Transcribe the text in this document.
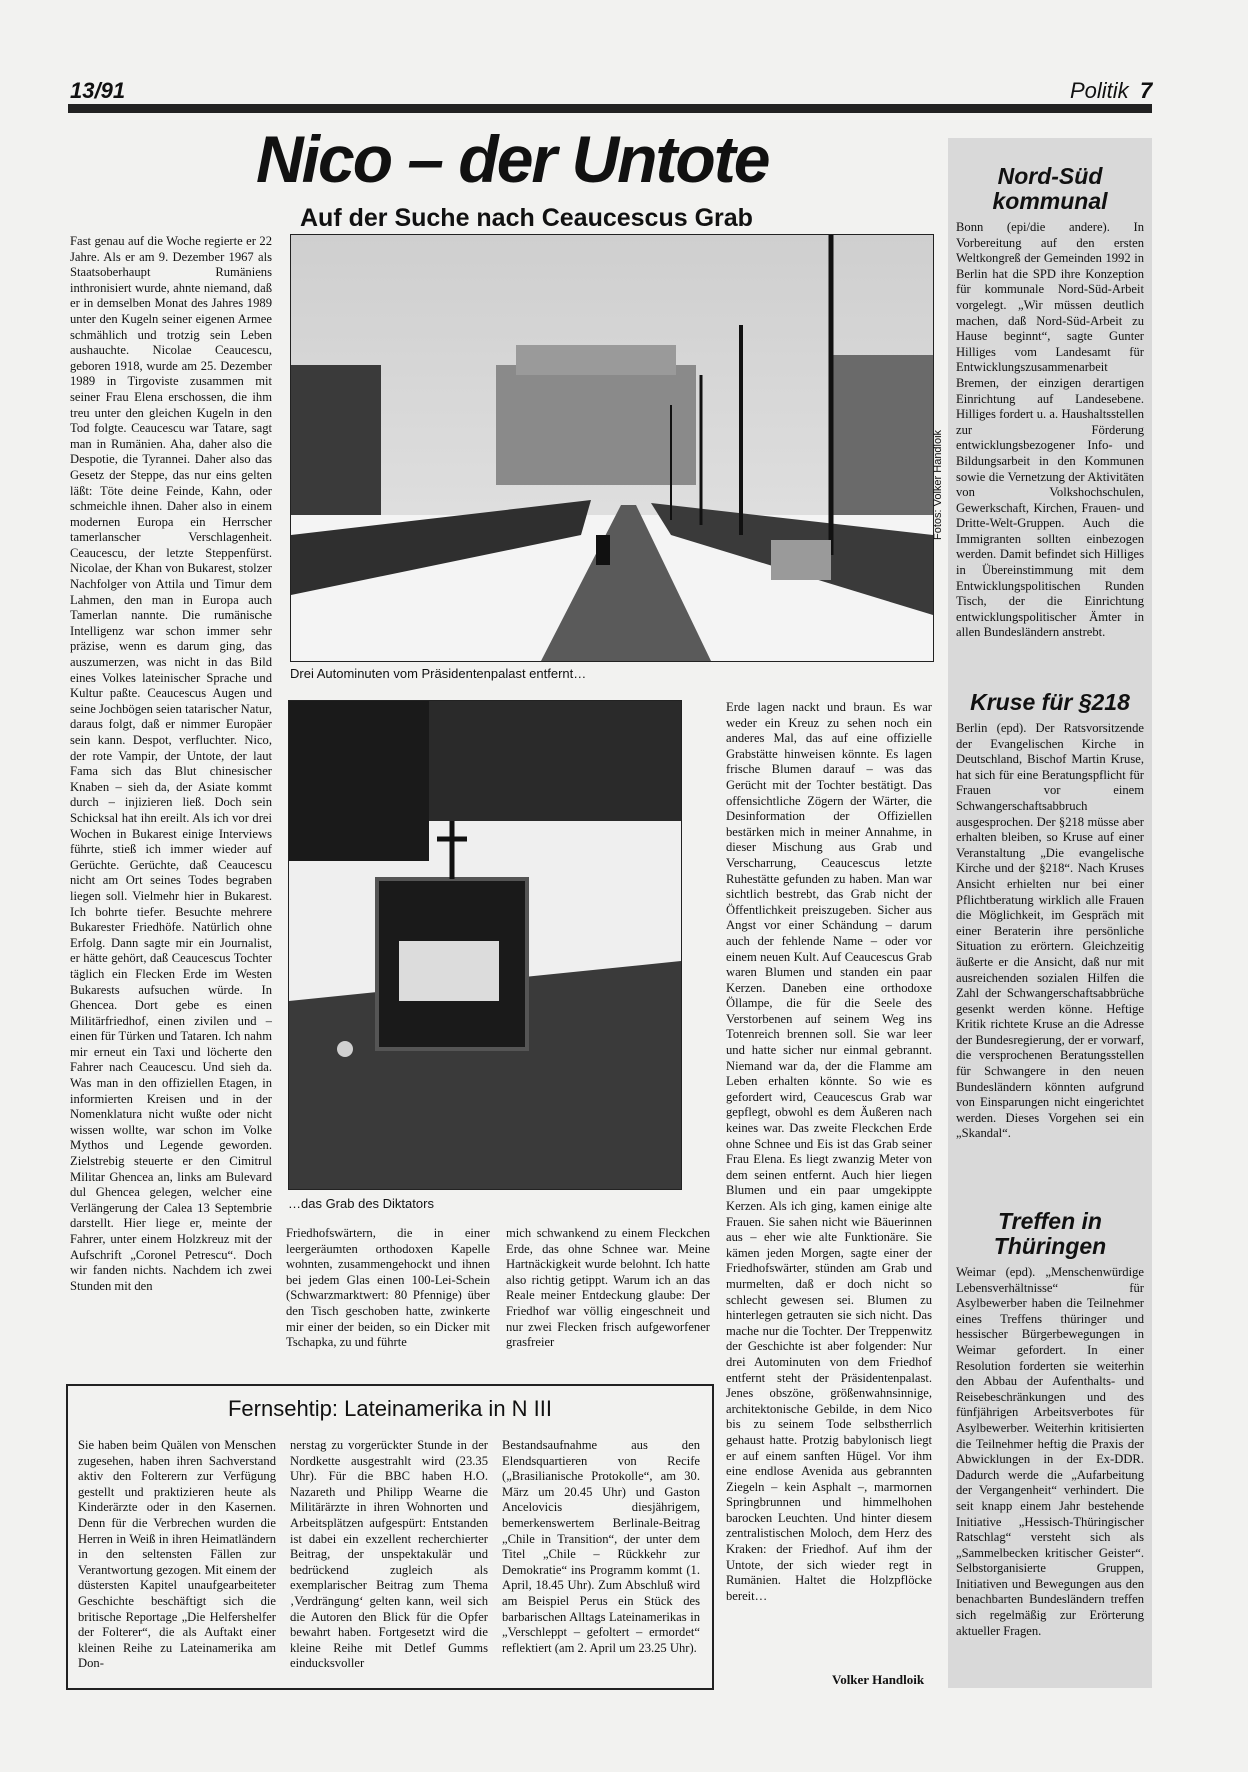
13/91	Politik 7
Nico – der Untote
Auf der Suche nach Ceaucescus Grab

Fast genau auf die Woche regierte er 22 Jahre. Als er am 9. Dezember 1967 als Staatsoberhaupt Rumäniens inthronisiert wurde, ahnte niemand, daß er in demselben Monat des Jahres 1989 unter den Kugeln seiner eigenen Armee schmählich und trotzig sein Leben aushauchte. Nicolae Ceaucescu, geboren 1918, wurde am 25. Dezember 1989 in Tirgoviste zusammen mit seiner Frau Elena erschossen, die ihm treu unter den gleichen Kugeln in den Tod folgte. Ceaucescu war Tatare, sagt man in Rumänien. Aha, daher also die Despotie, die Tyrannei. Daher also das Gesetz der Steppe, das nur eins gelten läßt: Töte deine Feinde, Kahn, oder schmeichle ihnen. Daher also in einem modernen Europa ein Herrscher tamerlanscher Verschlagenheit. Ceaucescu, der letzte Steppenfürst. Nicolae, der Khan von Bukarest, stolzer Nachfolger von Attila und Timur dem Lahmen, den man in Europa auch Tamerlan nannte. Die rumänische Intelligenz war schon immer sehr präzise, wenn es darum ging, das auszumerzen, was nicht in das Bild eines Volkes lateinischer Sprache und Kultur paßte. Ceaucescus Augen und seine Jochbögen seien tatarischer Natur, daraus folgt, daß er nimmer Europäer sein kann. Despot, verfluchter. Nico, der rote Vampir, der Untote, der laut Fama sich das Blut chinesischer Knaben – sieh da, der Asiate kommt durch – injizieren ließ. Doch sein Schicksal hat ihn ereilt. Als ich vor drei Wochen in Bukarest einige Interviews führte, stieß ich immer wieder auf Gerüchte. Gerüchte, daß Ceaucescu nicht am Ort seines Todes begraben liegen soll. Vielmehr hier in Bukarest. Ich bohrte tiefer. Besuchte mehrere Bukarester Friedhöfe. Natürlich ohne Erfolg. Dann sagte mir ein Journalist, er hätte gehört, daß Ceaucescus Tochter täglich ein Flecken Erde im Westen Bukarests aufsuchen würde. In Ghencea. Dort gebe es einen Militärfriedhof, einen zivilen und – einen für Türken und Tataren. Ich nahm mir erneut ein Taxi und löcherte den Fahrer nach Ceaucescu. Und sieh da. Was man in den offiziellen Etagen, in informierten Kreisen und in der Nomenklatura nicht wußte oder nicht wissen wollte, war schon im Volke Mythos und Legende geworden. Zielstrebig steuerte er den Cimitrul Militar Ghencea an, links am Bulevard dul Ghencea gelegen, welcher eine Verlängerung der Calea 13 Septembrie darstellt. Hier liege er, meinte der Fahrer, unter einem Holzkreuz mit der Aufschrift „Coronel Petrescu“. Doch wir fanden nichts. Nachdem ich zwei Stunden mit den

Drei Autominuten vom Präsidentenpalast entfernt…
Fotos: Volker Handloik
…das Grab des Diktators

Friedhofswärtern, die in einer leergeräumten orthodoxen Kapelle wohnten, zusammengehockt und ihnen bei jedem Glas einen 100-Lei-Schein (Schwarzmarktwert: 80 Pfennige) über den Tisch geschoben hatte, zwinkerte mir einer der beiden, so ein Dicker mit Tschapka, zu und führte

mich schwankend zu einem Fleckchen Erde, das ohne Schnee war. Meine Hartnäckigkeit wurde belohnt. Ich hatte also richtig getippt. Warum ich an das Reale meiner Entdeckung glaube: Der Friedhof war völlig eingeschneit und nur zwei Flecken frisch aufgeworfener grasfreier

Erde lagen nackt und braun. Es war weder ein Kreuz zu sehen noch ein anderes Mal, das auf eine offizielle Grabstätte hinweisen könnte. Es lagen frische Blumen darauf – was das Gerücht mit der Tochter bestätigt. Das offensichtliche Zögern der Wärter, die Desinformation der Offiziellen bestärken mich in meiner Annahme, in dieser Mischung aus Grab und Verscharrung, Ceaucescus letzte Ruhestätte gefunden zu haben. Man war sichtlich bestrebt, das Grab nicht der Öffentlichkeit preiszugeben. Sicher aus Angst vor einer Schändung – darum auch der fehlende Name – oder vor einem neuen Kult. Auf Ceaucescus Grab waren Blumen und standen ein paar Kerzen. Daneben eine orthodoxe Öllampe, die für die Seele des Verstorbenen auf seinem Weg ins Totenreich brennen soll. Sie war leer und hatte sicher nur einmal gebrannt. Niemand war da, der die Flamme am Leben erhalten könnte. So wie es gefordert wird, Ceaucescus Grab war gepflegt, obwohl es dem Äußeren nach keines war. Das zweite Fleckchen Erde ohne Schnee und Eis ist das Grab seiner Frau Elena. Es liegt zwanzig Meter von dem seinen entfernt. Auch hier liegen Blumen und ein paar umgekippte Kerzen. Als ich ging, kamen einige alte Frauen. Sie sahen nicht wie Bäuerinnen aus – eher wie alte Funktionäre. Sie kämen jeden Morgen, sagte einer der Friedhofswärter, stünden am Grab und murmelten, daß er doch nicht so schlecht gewesen sei. Blumen zu hinterlegen getrauten sie sich nicht. Das mache nur die Tochter. Der Treppenwitz der Geschichte ist aber folgender: Nur drei Autominuten von dem Friedhof entfernt steht der Präsidentenpalast. Jenes obszöne, größenwahnsinnige, architektonische Gebilde, in dem Nico bis zu seinem Tode selbstherrlich gehaust hatte. Protzig babylonisch liegt er auf einem sanften Hügel. Vor ihm eine endlose Avenida aus gebrannten Ziegeln – kein Asphalt –, marmornen Springbrunnen und himmelhohen barocken Leuchten. Und hinter diesem zentralistischen Moloch, dem Herz des Kraken: der Friedhof. Auf ihm der Untote, der sich wieder regt in Rumänien. Haltet die Holzpflöcke bereit…

Volker Handloik
Fernsehtip: Lateinamerika in N III

Sie haben beim Quälen von Menschen zugesehen, haben ihren Sachverstand aktiv den Folterern zur Verfügung gestellt und praktizieren heute als Kinderärzte oder in den Kasernen. Denn für die Verbrechen wurden die Herren in Weiß in ihren Heimatländern in den seltensten Fällen zur Verantwortung gezogen. Mit einem der düstersten Kapitel unaufgearbeiteter Geschichte beschäftigt sich die britische Reportage „Die Helfershelfer der Folterer“, die als Auftakt einer kleinen Reihe zu Lateinamerika am Don-

nerstag zu vorgerückter Stunde in der Nordkette ausgestrahlt wird (23.35 Uhr). Für die BBC haben H.O. Nazareth und Philipp Wearne die Militärärzte in ihren Wohnorten und Arbeitsplätzen aufgespürt: Entstanden ist dabei ein exzellent recherchierter Beitrag, der unspektakulär und bedrückend zugleich als exemplarischer Beitrag zum Thema ‚Verdrängung‘ gelten kann, weil sich die Autoren den Blick für die Opfer bewahrt haben. Fortgesetzt wird die kleine Reihe mit Detlef Gumms einducksvoller

Bestandsaufnahme aus den Elendsquartieren von Recife („Brasilianische Protokolle“, am 30. März um 20.45 Uhr) und Gaston Ancelovicis diesjährigem, bemerkenswertem Berlinale-Beitrag „Chile in Transition“, der unter dem Titel „Chile – Rückkehr zur Demokratie“ ins Programm kommt (1. April, 18.45 Uhr). Zum Abschluß wird am Beispiel Perus ein Stück des barbarischen Alltags Lateinamerikas in „Verschleppt – gefoltert – ermordet“ reflektiert (am 2. April um 23.25 Uhr).

Nord-Süd kommunal

Bonn (epi/die andere). In Vorbereitung auf den ersten Weltkongreß der Gemeinden 1992 in Berlin hat die SPD ihre Konzeption für kommunale Nord-Süd-Arbeit vorgelegt. „Wir müssen deutlich machen, daß Nord-Süd-Arbeit zu Hause beginnt“, sagte Gunter Hilliges vom Landesamt für Entwicklungszusammenarbeit Bremen, der einzigen derartigen Einrichtung auf Landesebene. Hilliges fordert u. a. Haushaltsstellen zur Förderung entwicklungsbezogener Info- und Bildungsarbeit in den Kommunen sowie die Vernetzung der Aktivitäten von Volkshochschulen, Gewerkschaft, Kirchen, Frauen- und Dritte-Welt-Gruppen. Auch die Immigranten sollten einbezogen werden. Damit befindet sich Hilliges in Übereinstimmung mit dem Entwicklungspolitischen Runden Tisch, der die Einrichtung entwicklungspolitischer Ämter in allen Bundesländern anstrebt.

Kruse für §218

Berlin (epd). Der Ratsvorsitzende der Evangelischen Kirche in Deutschland, Bischof Martin Kruse, hat sich für eine Beratungspflicht für Frauen vor einem Schwangerschaftsabbruch ausgesprochen. Der §218 müsse aber erhalten bleiben, so Kruse auf einer Veranstaltung „Die evangelische Kirche und der §218“. Nach Kruses Ansicht erhielten nur bei einer Pflichtberatung wirklich alle Frauen die Möglichkeit, im Gespräch mit einer Beraterin ihre persönliche Situation zu erörtern. Gleichzeitig äußerte er die Ansicht, daß nur mit ausreichenden sozialen Hilfen die Zahl der Schwangerschaftsabbrüche gesenkt werden könne. Heftige Kritik richtete Kruse an die Adresse der Bundesregierung, der er vorwarf, die versprochenen Beratungsstellen für Schwangere in den neuen Bundesländern könnten aufgrund von Einsparungen nicht eingerichtet werden. Dieses Vorgehen sei ein „Skandal“.

Treffen in Thüringen

Weimar (epd). „Menschenwürdige Lebensverhältnisse“ für Asylbewerber haben die Teilnehmer eines Treffens thüringer und hessischer Bürgerbewegungen in Weimar gefordert. In einer Resolution forderten sie weiterhin den Abbau der Aufenthalts- und Reisebeschränkungen und des fünfjährigen Arbeitsverbotes für Asylbewerber. Weiterhin kritisierten die Teilnehmer heftig die Praxis der Abwicklungen in der Ex-DDR. Dadurch werde die „Aufarbeitung der Vergangenheit“ verhindert. Die seit knapp einem Jahr bestehende Initiative „Hessisch-Thüringischer Ratschlag“ versteht sich als „Sammelbecken kritischer Geister“. Selbstorganisierte Gruppen, Initiativen und Bewegungen aus den benachbarten Bundesländern treffen sich regelmäßig zur Erörterung aktueller Fragen.
